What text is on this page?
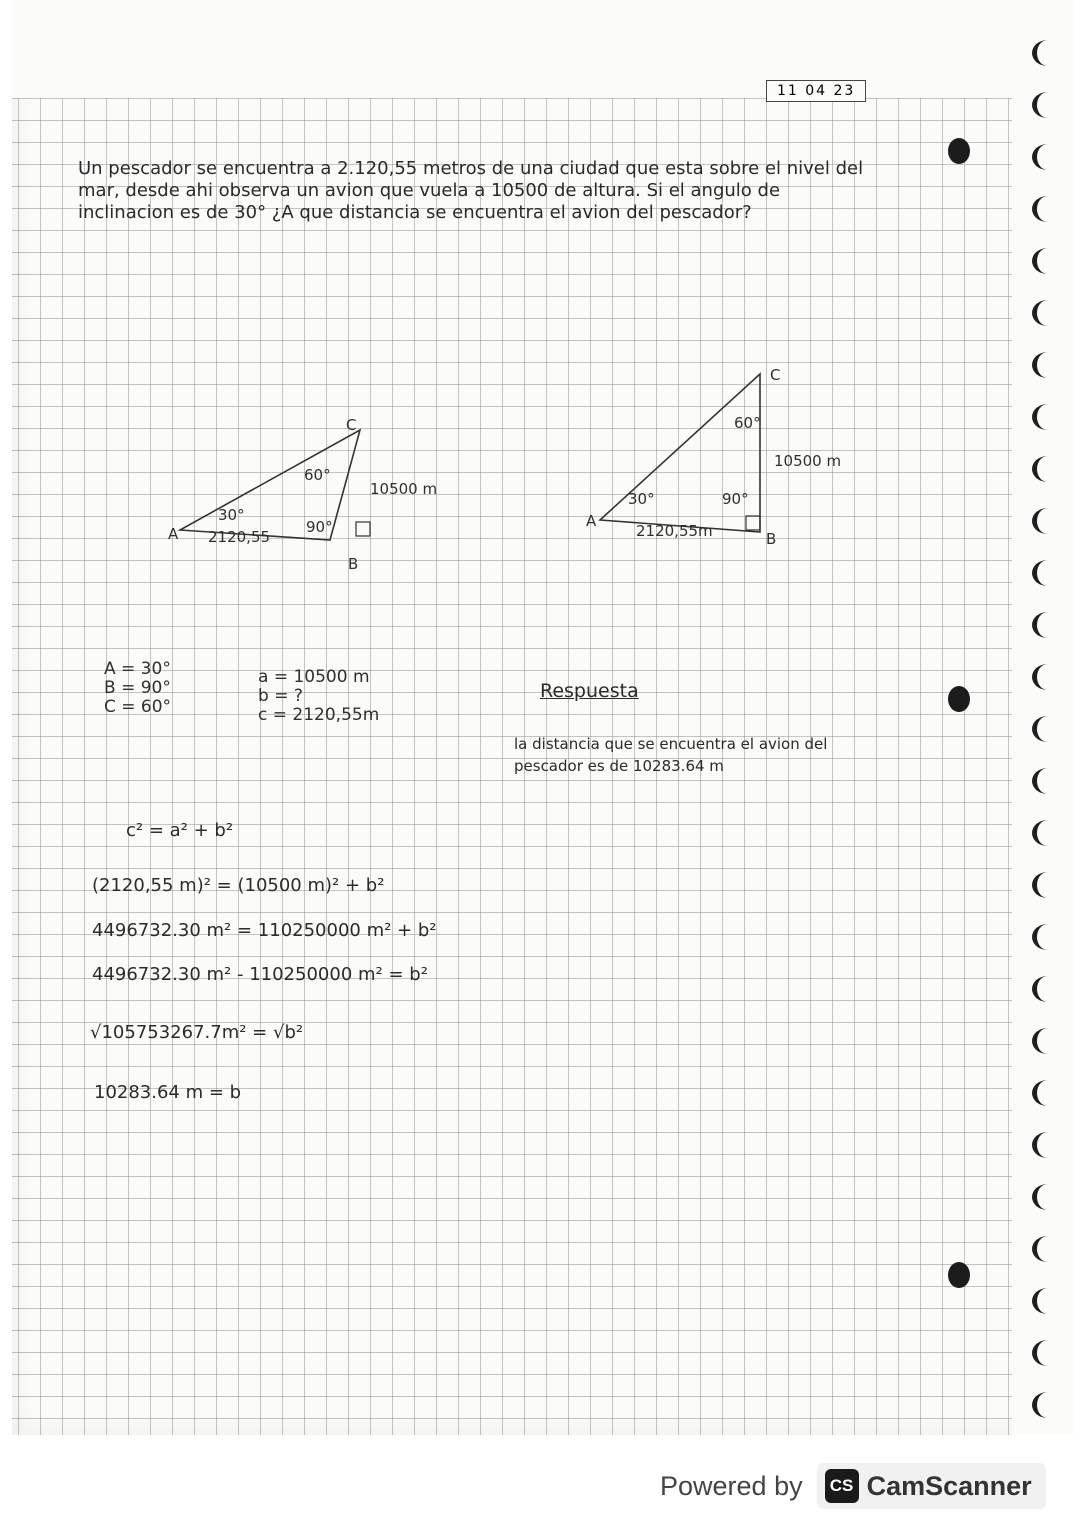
11 04 23
Un pescador se encuentra a 2.120,55 metros de una ciudad que esta sobre el nivel del mar, desde ahi observa un avion que vuela a 10500 de altura. Si el angulo de inclinacion es de 30° ¿A que distancia se encuentra el avion del pescador?
A
30°
2120,55
B
90°
C
60°
10500 m
A
30°
2120,55m	B
90°
C
60°
10500 m
A = 30°
B = 90°
C = 60°
a = 10500 m
b = ?
c = 2120,55m
Respuesta
la distancia que se encuentra el avion del pescador es de 10283.64 m
c² = a² + b²
(2120,55 m)² = (10500 m)² + b²
4496732.30 m² = 110250000 m² + b²
4496732.30 m² - 110250000 m² = b²
√105753267.7m² = √b²
10283.64 m = b
Powered by	CS CamScanner
